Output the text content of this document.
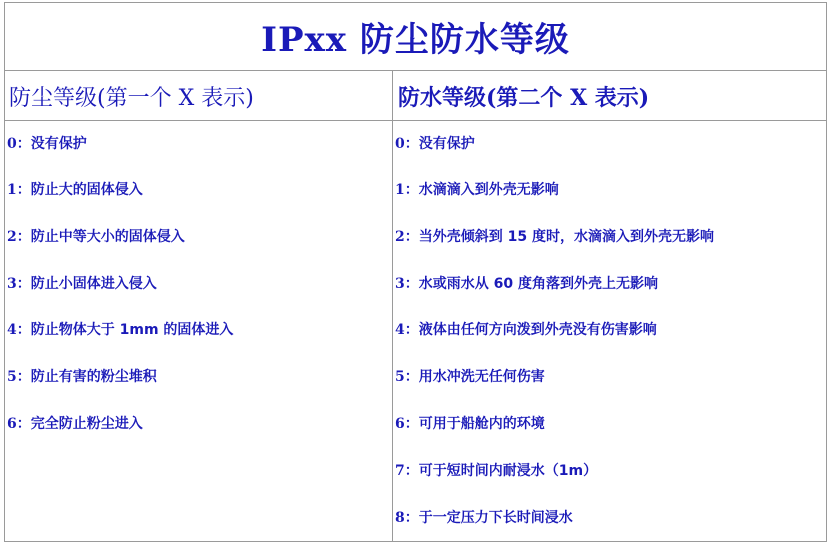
IPxx 防尘防水等级
防尘等级(第一个 X 表示)	防水等级(第二个 X 表示)
0： 没有保护
1： 防止大的固体侵入
2： 防止中等大小的固体侵入
3： 防止小固体进入侵入
4： 防止物体大于 1mm 的固体进入
5： 防止有害的粉尘堆积
6： 完全防止粉尘进入
0： 没有保护
1： 水滴滴入到外壳无影响
2： 当外壳倾斜到 15 度时，水滴滴入到外壳无影响
3： 水或雨水从 60 度角落到外壳上无影响
4： 液体由任何方向泼到外壳没有伤害影响
5： 用水冲洗无任何伤害
6： 可用于船舱内的环境
7： 可于短时间内耐浸水（1m）
8： 于一定压力下长时间浸水
